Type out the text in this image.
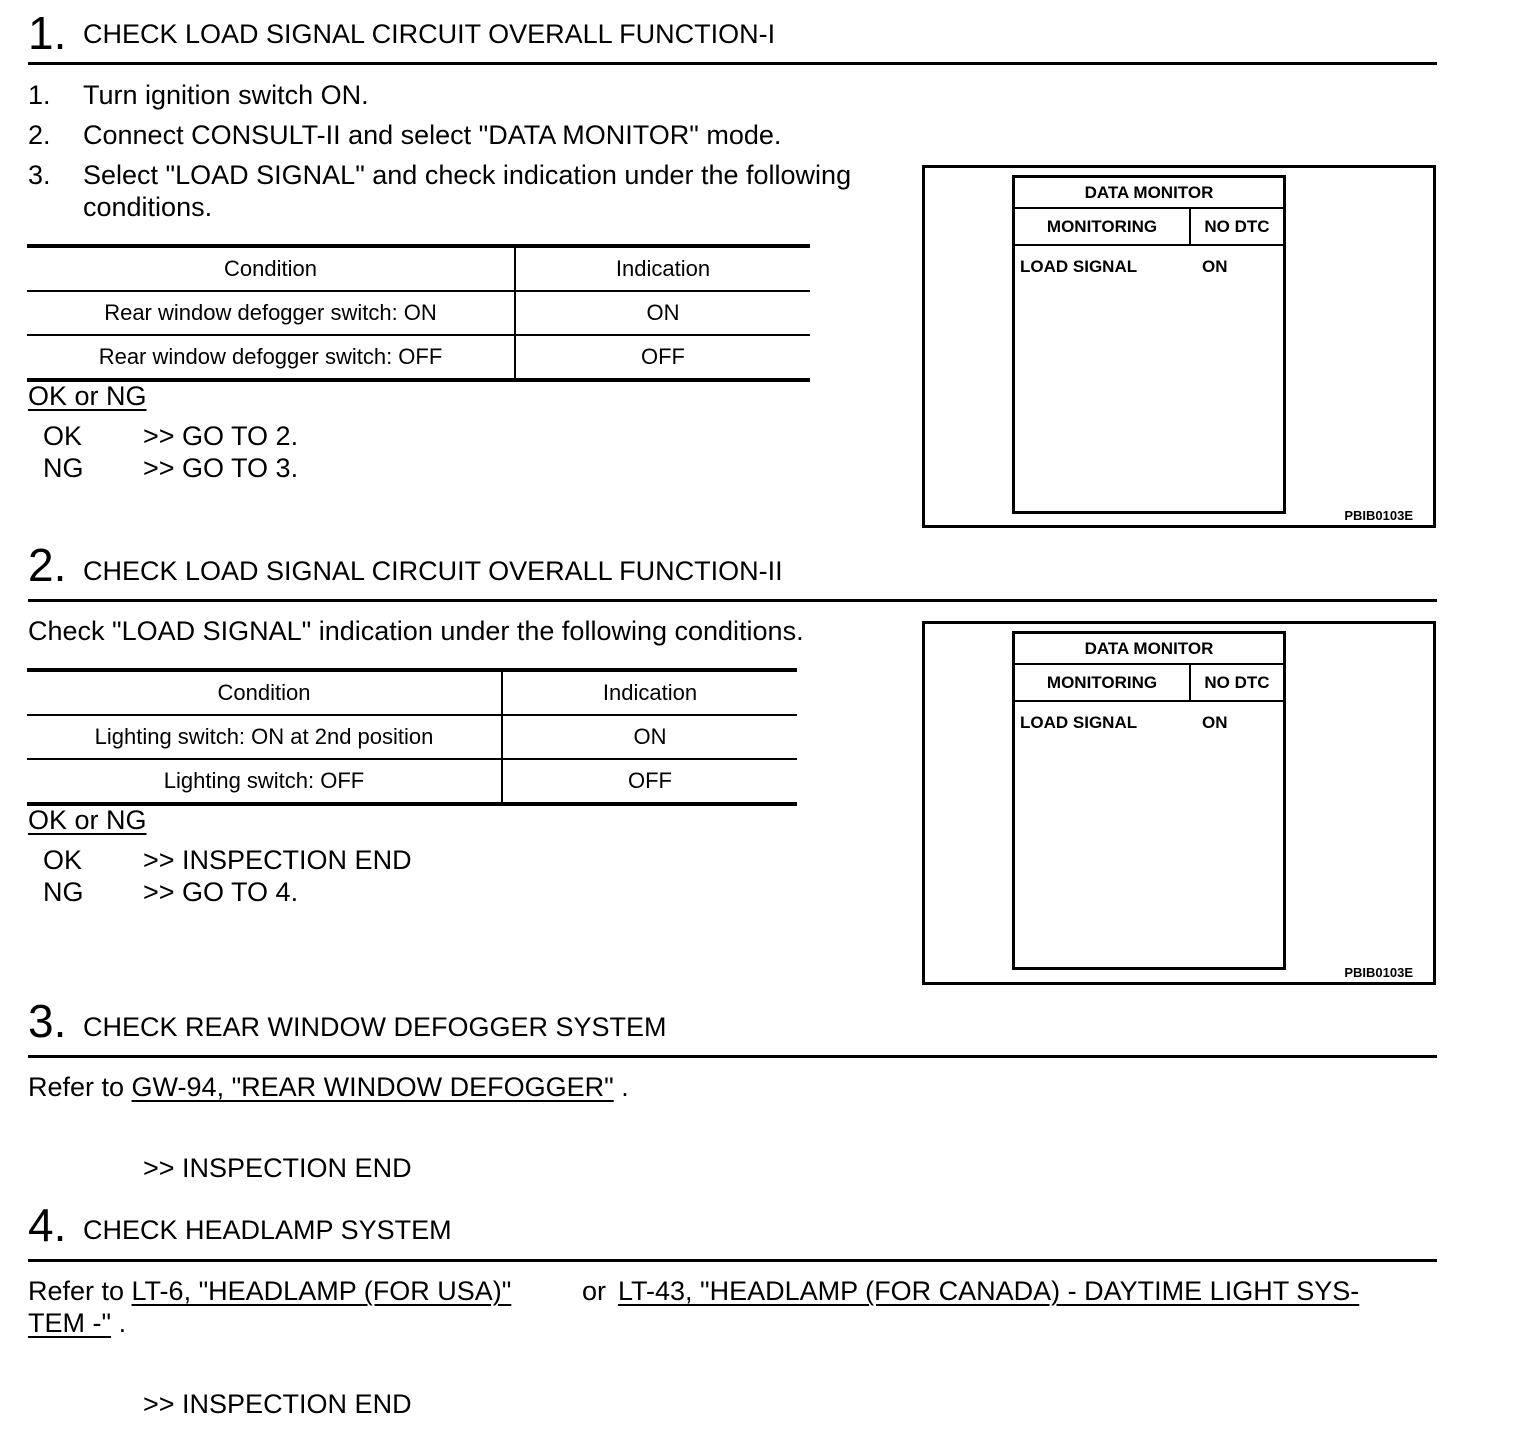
1. CHECK LOAD SIGNAL CIRCUIT OVERALL FUNCTION-I
1. Turn ignition switch ON.
2. Connect CONSULT-II and select "DATA MONITOR" mode.
3. Select "LOAD SIGNAL" and check indication under the following
conditions.
Condition	Indication
Rear window defogger switch: ON	ON
Rear window defogger switch: OFF	OFF
OK or NG
OK >> GO TO 2.
NG >> GO TO 3.
DATA MONITOR
MONITORING	NO DTC
LOAD SIGNAL	ON
PBIB0103E
2. CHECK LOAD SIGNAL CIRCUIT OVERALL FUNCTION-II
Check "LOAD SIGNAL" indication under the following conditions.
Condition	Indication
Lighting switch: ON at 2nd position	ON
Lighting switch: OFF	OFF
OK or NG
OK >> INSPECTION END
NG >> GO TO 4.
DATA MONITOR
MONITORING	NO DTC
LOAD SIGNAL	ON
PBIB0103E
3. CHECK REAR WINDOW DEFOGGER SYSTEM
Refer to GW-94, "REAR WINDOW DEFOGGER" .
>> INSPECTION END
4. CHECK HEADLAMP SYSTEM
Refer to LT-6, "HEADLAMP (FOR USA)"	or LT-43, "HEADLAMP (FOR CANADA) - DAYTIME LIGHT SYS-
TEM -" .
>> INSPECTION END
